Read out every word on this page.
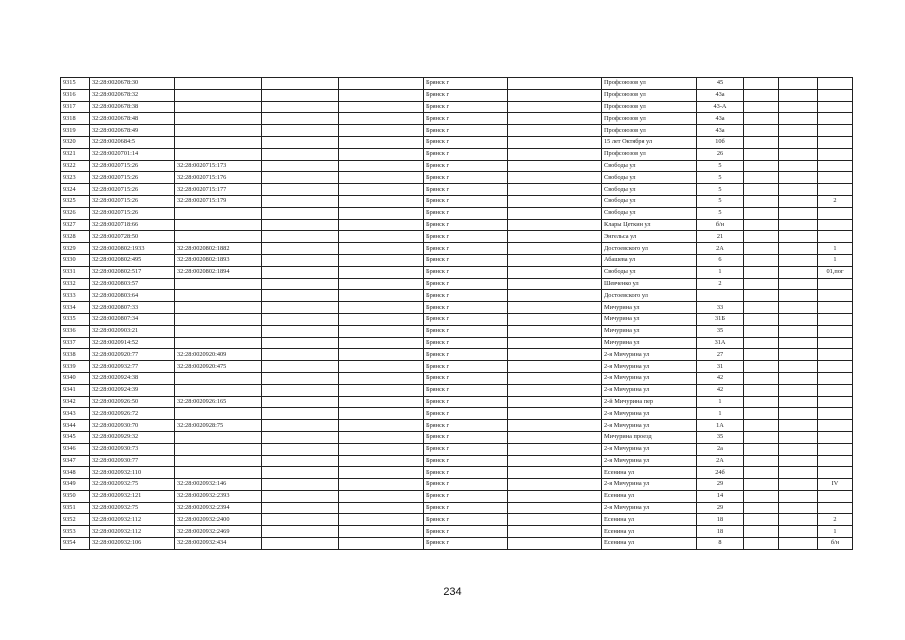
9315	32:28:0020678:30				Брянск г		Профсоюзов ул	45			
9316	32:28:0020678:32				Брянск г		Профсоюзов ул	43а			
9317	32:28:0020678:38				Брянск г		Профсоюзов ул	43-А			
9318	32:28:0020678:48				Брянск г		Профсоюзов ул	43а			
9319	32:28:0020678:49				Брянск г		Профсоюзов ул	43а			
9320	32:28:0020684:5				Брянск г		15 лет Октября ул	10б			
9321	32:28:0020701:14				Брянск г		Профсоюзов ул	26			
9322	32:28:0020715:26	32:28:0020715:173			Брянск г		Свободы ул	5			
9323	32:28:0020715:26	32:28:0020715:176			Брянск г		Свободы ул	5			
9324	32:28:0020715:26	32:28:0020715:177			Брянск г		Свободы ул	5			
9325	32:28:0020715:26	32:28:0020715:179			Брянск г		Свободы ул	5			2
9326	32:28:0020715:26				Брянск г		Свободы ул	5			
9327	32:28:0020718:66				Брянск г		Клары Цеткин ул	б/н			
9328	32:28:0020728:50				Брянск г		Энгельса ул	21			
9329	32:28:0020802:1933	32:28:0020802:1882			Брянск г		Достоевского ул	2А			1
9330	32:28:0020802:495	32:28:0020802:1893			Брянск г		Абашева ул	6			1
9331	32:28:0020802:517	32:28:0020802:1894			Брянск г		Свободы ул	1			01,пог
9332	32:28:0020803:57				Брянск г		Шевченко ул	2			
9333	32:28:0020803:64				Брянск г		Достоевского ул				
9334	32:28:0020807:33				Брянск г		Мичурина ул	33			
9335	32:28:0020807:34				Брянск г		Мичурина ул	31Б			
9336	32:28:0020903:21				Брянск г		Мичурина ул	35			
9337	32:28:0020914:52				Брянск г		Мичурина ул	31А			
9338	32:28:0020920:77	32:28:0020920:409			Брянск г		2-я Мичурина ул	27			
9339	32:28:0020932:77	32:28:0020920:475			Брянск г		2-я Мичурина ул	31			
9340	32:28:0020924:38				Брянск г		2-я Мичурина ул	42			
9341	32:28:0020924:39				Брянск г		2-я Мичурина ул	42			
9342	32:28:0020926:50	32:28:0020926:165			Брянск г		2-й Мичурина пер	1			
9343	32:28:0020926:72				Брянск г		2-я Мичурина ул	1			
9344	32:28:0020930:70	32:28:0020928:75			Брянск г		2-я Мичурина ул	1А			
9345	32:28:0020929:32				Брянск г		Мичурина проезд	35			
9346	32:28:0020930:73				Брянск г		2-я Мичурина ул	2а			
9347	32:28:0020930:77				Брянск г		2-я Мичурина ул	2А			
9348	32:28:0020932:110				Брянск г		Есенина ул	24б			
9349	32:28:0020932:75	32:28:0020932:146			Брянск г		2-я Мичурина ул	29			IV
9350	32:28:0020932:121	32:28:0020932:2393			Брянск г		Есенина ул	14			
9351	32:28:0020932:75	32:28:0020932:2394			Брянск г		2-я Мичурина ул	29			
9352	32:28:0020932:112	32:28:0020932:2400			Брянск г		Есенина ул	18			2
9353	32:28:0020932:112	32:28:0020932:2469			Брянск г		Есенина ул	18			1
9354	32:28:0020932:106	32:28:0020932:434			Брянск г		Есенина ул	8			б/н
234
